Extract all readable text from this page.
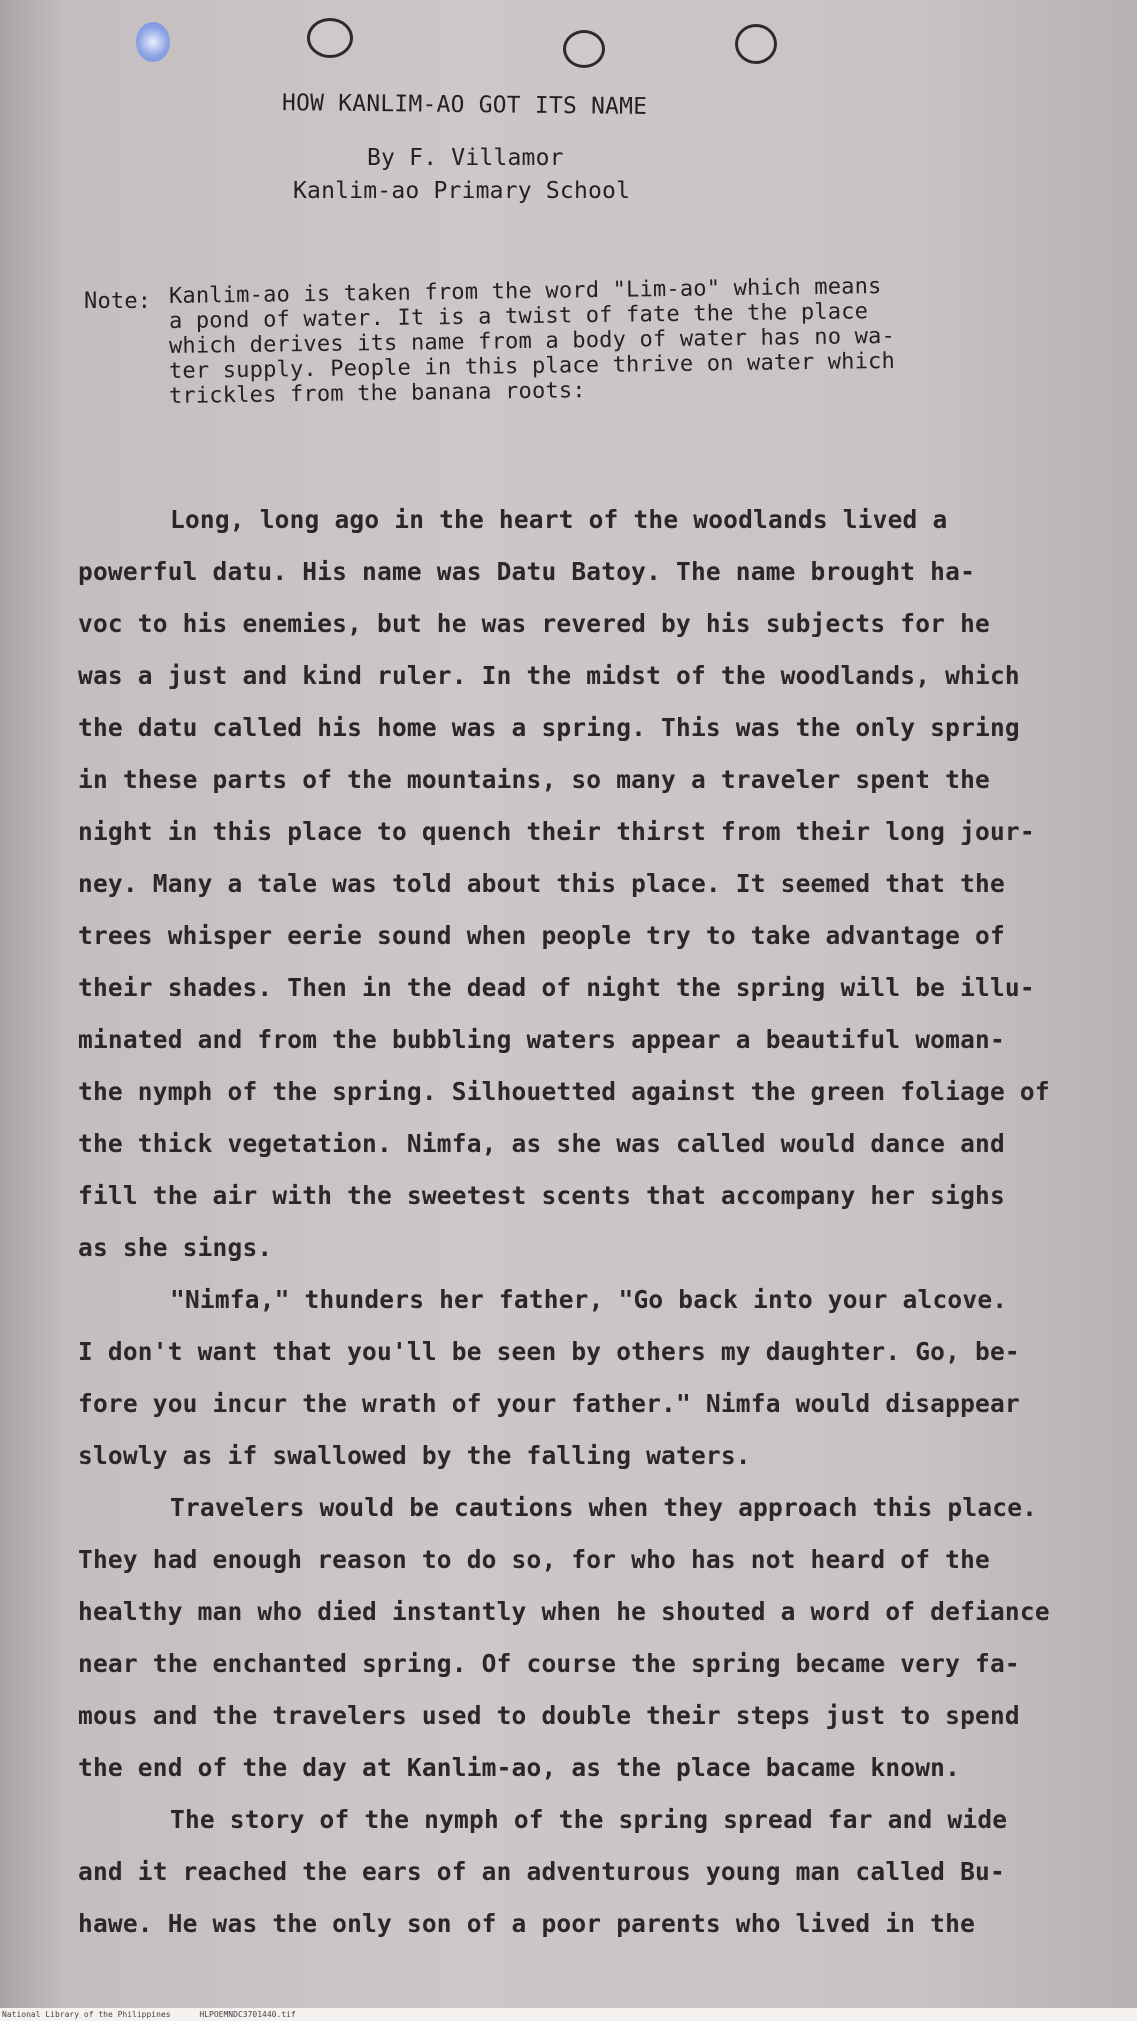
HOW KANLIM-AO GOT ITS NAME
By F. Villamor
Kanlim-ao Primary School
Note: Kanlim-ao is taken from the word "Lim-ao" which means
a pond of water. It is a twist of fate the the place
which derives its name from a body of water has no wa-
ter supply. People in this place thrive on water which
trickles from the banana roots:
Long, long ago in the heart of the woodlands lived a
powerful datu. His name was Datu Batoy. The name brought ha-
voc to his enemies, but he was revered by his subjects for he
was a just and kind ruler. In the midst of the woodlands, which
the datu called his home was a spring. This was the only spring
in these parts of the mountains, so many a traveler spent the
night in this place to quench their thirst from their long jour-
ney. Many a tale was told about this place. It seemed that the
trees whisper eerie sound when people try to take advantage of
their shades. Then in the dead of night the spring will be illu-
minated and from the bubbling waters appear a beautiful woman-
the nymph of the spring. Silhouetted against the green foliage of
the thick vegetation. Nimfa, as she was called would dance and
fill the air with the sweetest scents that accompany her sighs
as she sings.
"Nimfa," thunders her father, "Go back into your alcove.
I don't want that you'll be seen by others my daughter. Go, be-
fore you incur the wrath of your father." Nimfa would disappear
slowly as if swallowed by the falling waters.
Travelers would be cautions when they approach this place.
They had enough reason to do so, for who has not heard of the
healthy man who died instantly when he shouted a word of defiance
near the enchanted spring. Of course the spring became very fa-
mous and the travelers used to double their steps just to spend
the end of the day at Kanlim-ao, as the place bacame known.
The story of the nymph of the spring spread far and wide
and it reached the ears of an adventurous young man called Bu-
hawe. He was the only son of a poor parents who lived in the
National Library of the Philippines	HLPOEMNDC3701440.tif
